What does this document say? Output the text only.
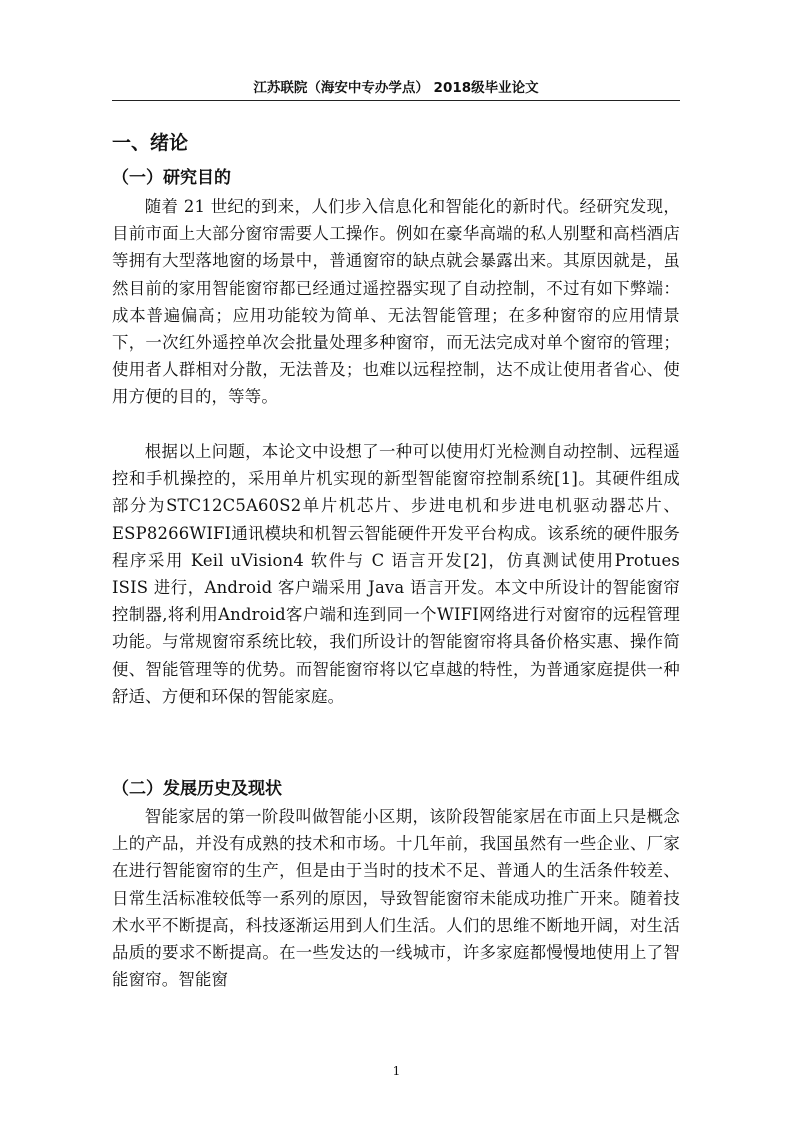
江苏联院（海安中专办学点） 2018级毕业论文
一、绪论
（一）研究目的
随着 21 世纪的到来，人们步入信息化和智能化的新时代。经研究发现，目前市面上大部分窗帘需要人工操作。例如在豪华高端的私人别墅和高档酒店等拥有大型落地窗的场景中，普通窗帘的缺点就会暴露出来。其原因就是，虽然目前的家用智能窗帘都已经通过遥控器实现了自动控制，不过有如下弊端：成本普遍偏高；应用功能较为简单、无法智能管理；在多种窗帘的应用情景下，一次红外遥控单次会批量处理多种窗帘，而无法完成对单个窗帘的管理；使用者人群相对分散，无法普及；也难以远程控制，达不成让使用者省心、使用方便的目的，等等。
根据以上问题，本论文中设想了一种可以使用灯光检测自动控制、远程遥控和手机操控的，采用单片机实现的新型智能窗帘控制系统[1]。其硬件组成部分为STC12C5A60S2单片机芯片、步进电机和步进电机驱动器芯片、ESP8266WIFI通讯模块和机智云智能硬件开发平台构成。该系统的硬件服务程序采用 Keil uVision4 软件与 C 语言开发[2]，仿真测试使用Protues ISIS 进行，Android 客户端采用 Java 语言开发。本文中所设计的智能窗帘控制器,将利用Android客户端和连到同一个WIFI网络进行对窗帘的远程管理功能。与常规窗帘系统比较，我们所设计的智能窗帘将具备价格实惠、操作简便、智能管理等的优势。而智能窗帘将以它卓越的特性，为普通家庭提供一种舒适、方便和环保的智能家庭。
（二）发展历史及现状
智能家居的第一阶段叫做智能小区期，该阶段智能家居在市面上只是概念上的产品，并没有成熟的技术和市场。十几年前，我国虽然有一些企业、厂家在进行智能窗帘的生产，但是由于当时的技术不足、普通人的生活条件较差、日常生活标准较低等一系列的原因，导致智能窗帘未能成功推广开来。随着技术水平不断提高，科技逐渐运用到人们生活。人们的思维不断地开阔，对生活品质的要求不断提高。在一些发达的一线城市，许多家庭都慢慢地使用上了智能窗帘。智能窗
1
